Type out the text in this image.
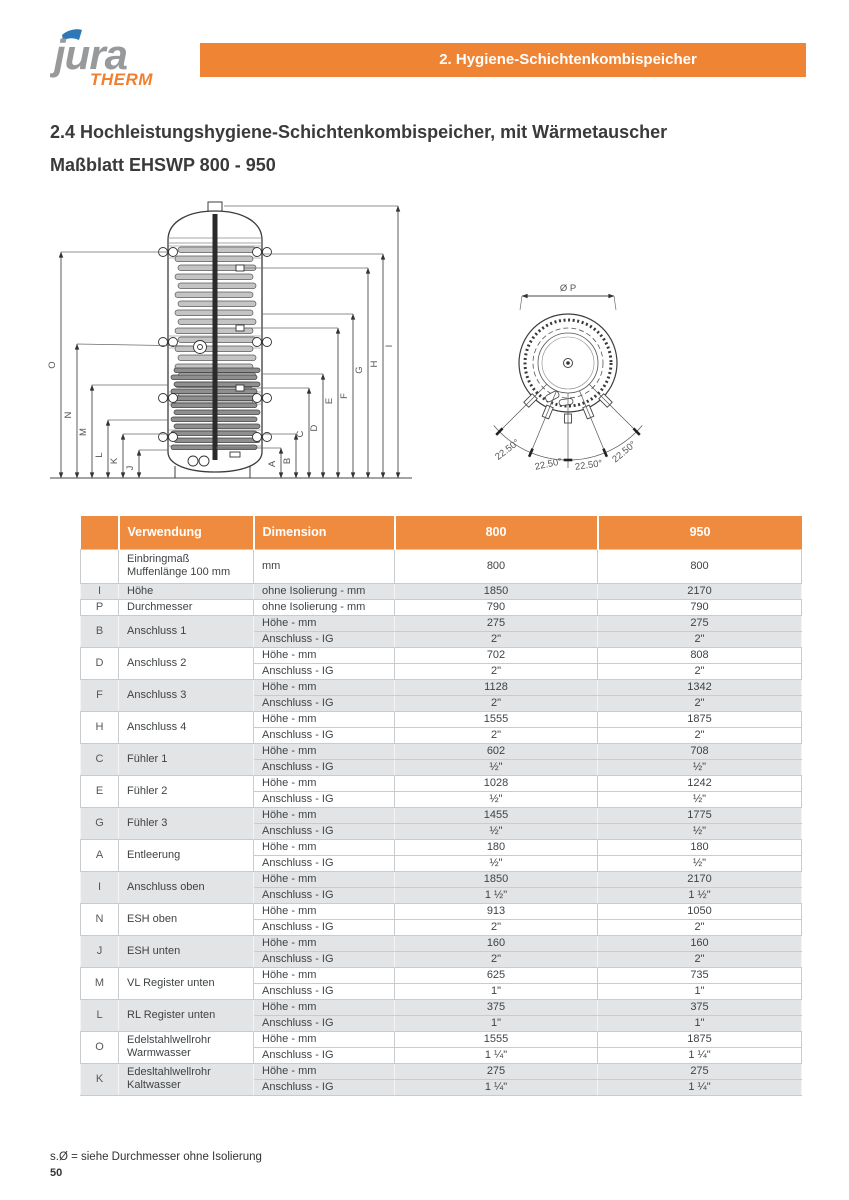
jura
THERM
2. Hygiene-Schichtenkombispeicher
2.4 Hochleistungshygiene-Schichtenkombispeicher, mit Wärmetauscher
Maßblatt EHSWP 800 - 950
O
N
M
L
K
J
A B
C
D
E
F
G
H
I
Ø P
22.50°
22.50° 22.50°
22.50°
	Verwendung	Dimension	800	950
	Einbringmaß
Muffenlänge 100 mm	mm	800	800
I	Höhe	ohne Isolierung - mm	1850	2170
P	Durchmesser	ohne Isolierung - mm	790	790
B	Anschluss 1	Höhe - mm	275	275
		Anschluss - IG	2"	2"
D	Anschluss 2	Höhe - mm	702	808
		Anschluss - IG	2"	2"
F	Anschluss 3	Höhe - mm	1128	1342
		Anschluss - IG	2"	2"
H	Anschluss 4	Höhe - mm	1555	1875
		Anschluss - IG	2"	2"
C	Fühler 1	Höhe - mm	602	708
		Anschluss - IG	½"	½"
E	Fühler 2	Höhe - mm	1028	1242
		Anschluss - IG	½"	½"
G	Fühler 3	Höhe - mm	1455	1775
		Anschluss - IG	½"	½"
A	Entleerung	Höhe - mm	180	180
		Anschluss - IG	½"	½"
I	Anschluss oben	Höhe - mm	1850	2170
		Anschluss - IG	1 ½"	1 ½"
N	ESH oben	Höhe - mm	913	1050
		Anschluss - IG	2"	2"
J	ESH unten	Höhe - mm	160	160
		Anschluss - IG	2"	2"
M	VL Register unten	Höhe - mm	625	735
		Anschluss - IG	1"	1"
L	RL Register unten	Höhe - mm	375	375
		Anschluss - IG	1"	1"
O	Edelstahlwellrohr
Warmwasser	Höhe - mm	1555	1875
		Anschluss - IG	1 ¼"	1 ¼"
K	Edesltahlwellrohr
Kaltwasser	Höhe - mm	275	275
		Anschluss - IG	1 ¼"	1 ¼"
s.Ø = siehe Durchmesser ohne Isolierung
50
